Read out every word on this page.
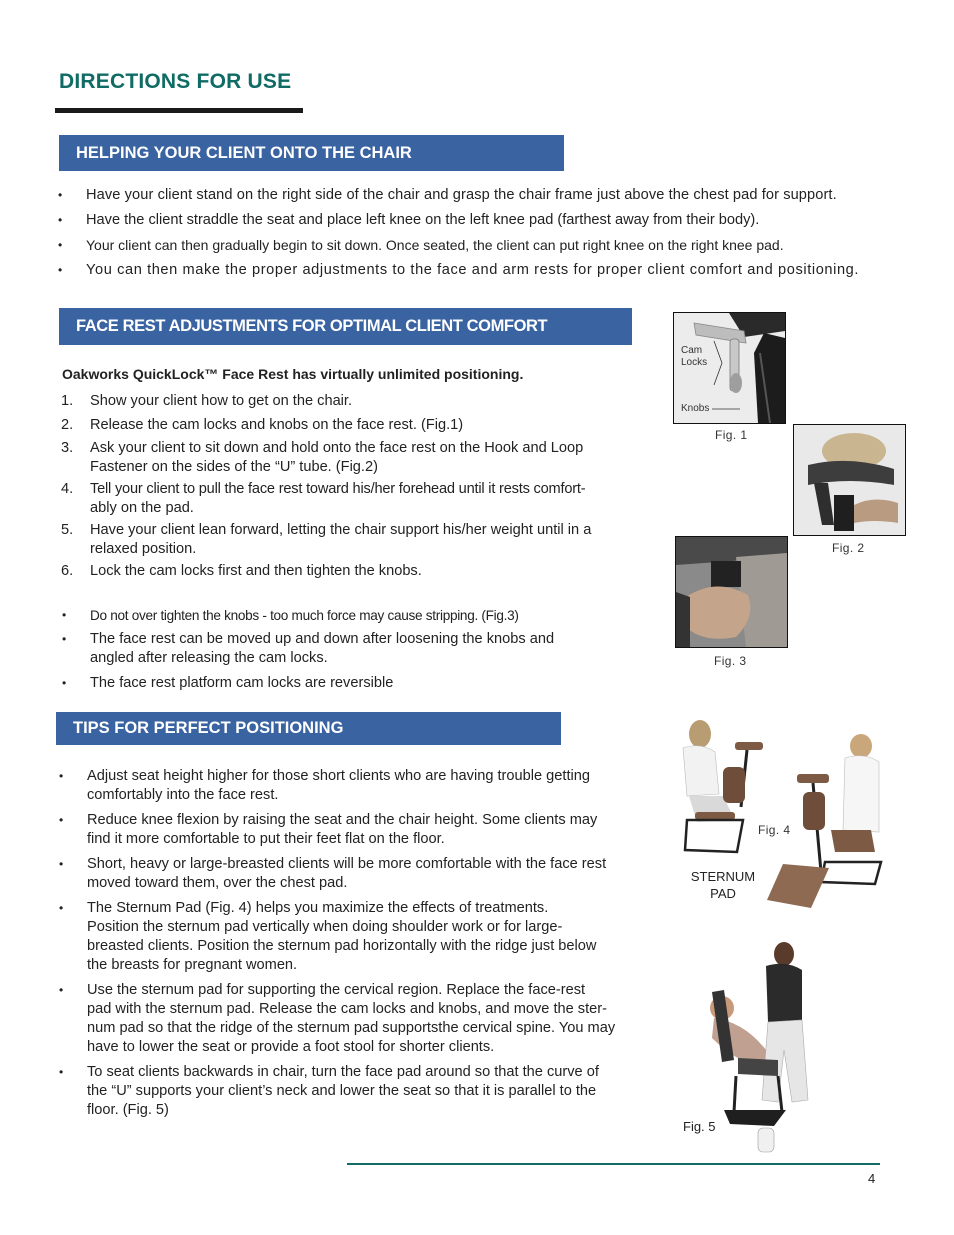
DIRECTIONS FOR USE
HELPING YOUR CLIENT ONTO THE CHAIR
• Have your client stand on the right side of the chair and grasp the chair frame just above the chest pad for support.
• Have the client straddle the seat and place left knee on the left knee pad (farthest away from their body).
• Your client can then gradually begin to sit down. Once seated, the client can put right knee on the right knee pad.
• You can then make the proper adjustments to the face and arm rests for proper client comfort and positioning.
FACE REST ADJUSTMENTS FOR OPTIMAL CLIENT COMFORT
Oakworks QuickLock™ Face Rest has virtually unlimited positioning.
1. Show your client how to get on the chair.
2. Release the cam locks and knobs on the face rest. (Fig.1)
3. Ask your client to sit down and hold onto the face rest on the Hook and Loop
Fastener on the sides of the “U” tube. (Fig.2)
4. Tell your client to pull the face rest toward his/her forehead until it rests comfort-
ably on the pad.
5. Have your client lean forward, letting the chair support his/her weight until in a
relaxed position.
6. Lock the cam locks first and then tighten the knobs.
• Do not over tighten the knobs - too much force may cause stripping. (Fig.3)
• The face rest can be moved up and down after loosening the knobs and
angled after releasing the cam locks.
• The face rest platform cam locks are reversible
TIPS FOR PERFECT POSITIONING
• Adjust seat height higher for those short clients who are having trouble getting
comfortably into the face rest.
• Reduce knee flexion by raising the seat and the chair height. Some clients may
find it more comfortable to put their feet flat on the floor.
• Short, heavy or large-breasted clients will be more comfortable with the face rest
moved toward them, over the chest pad.
• The Sternum Pad (Fig. 4) helps you maximize the effects of treatments.
Position the sternum pad vertically when doing shoulder work or for large-
breasted clients. Position the sternum pad horizontally with the ridge just below
the breasts for pregnant women.
• Use the sternum pad for supporting the cervical region. Replace the face-rest
pad with the sternum pad. Release the cam locks and knobs, and move the ster-
num pad so that the ridge of the sternum pad supportsthe cervical spine. You may
have to lower the seat or provide a foot stool for shorter clients.
• To seat clients backwards in chair, turn the face pad around so that the curve of
the “U” supports your client’s neck and lower the seat so that it is parallel to the
floor. (Fig. 5)
Cam
Locks
Knobs
Fig. 1
Fig. 2
Fig. 3
Fig. 4
STERNUM
PAD
Fig. 5
4
